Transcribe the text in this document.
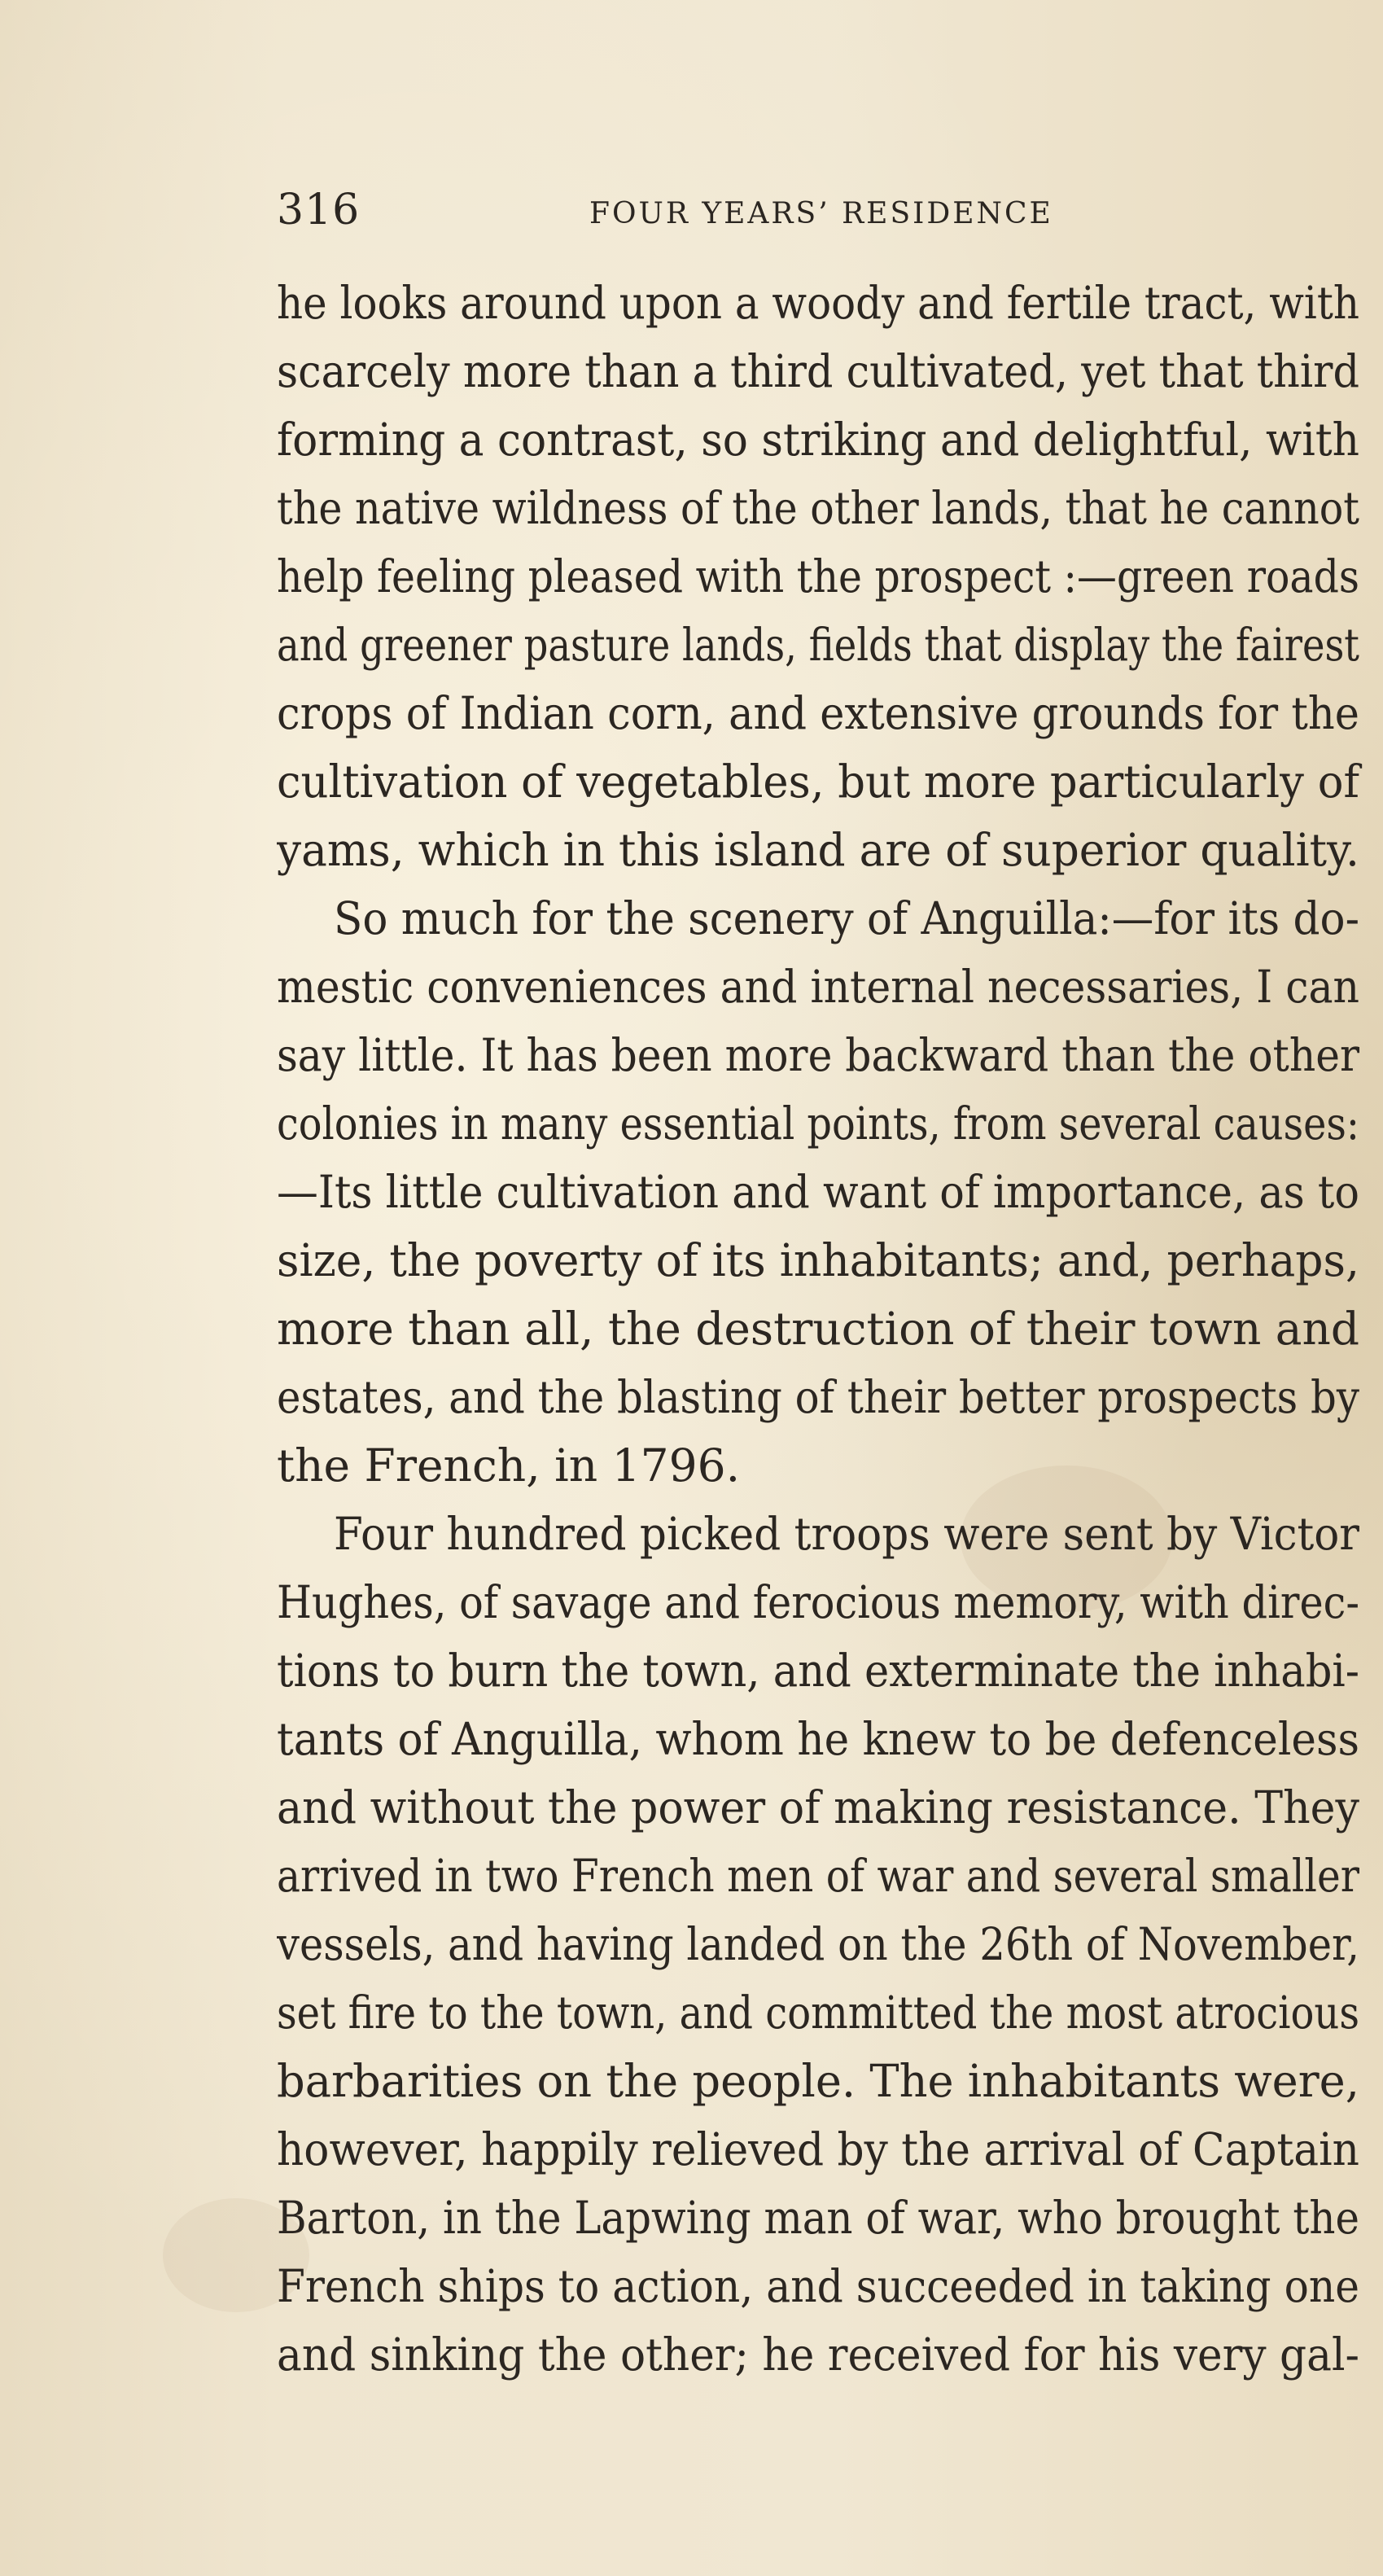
316	FOUR YEARS’ RESIDENCE
he looks around upon a woody and fertile tract, with
scarcely more than a third cultivated, yet that third
forming a contrast, so striking and delightful, with
the native wildness of the other lands, that he cannot
help feeling pleased with the prospect :—green roads
and greener pasture lands, fields that display the fairest
crops of Indian corn, and extensive grounds for the
cultivation of vegetables, but more particularly of
yams, which in this island are of superior quality.
So much for the scenery of Anguilla:—for its do-
mestic conveniences and internal necessaries, I can
say little. It has been more backward than the other
colonies in many essential points, from several causes:
—Its little cultivation and want of importance, as to
size, the poverty of its inhabitants; and, perhaps,
more than all, the destruction of their town and
estates, and the blasting of their better prospects by
the French, in 1796.
Four hundred picked troops were sent by Victor
Hughes, of savage and ferocious memory, with direc-
tions to burn the town, and exterminate the inhabi-
tants of Anguilla, whom he knew to be defenceless
and without the power of making resistance. They
arrived in two French men of war and several smaller
vessels, and having landed on the 26th of November,
set fire to the town, and committed the most atrocious
barbarities on the people. The inhabitants were,
however, happily relieved by the arrival of Captain
Barton, in the Lapwing man of war, who brought the
French ships to action, and succeeded in taking one
and sinking the other; he received for his very gal-
